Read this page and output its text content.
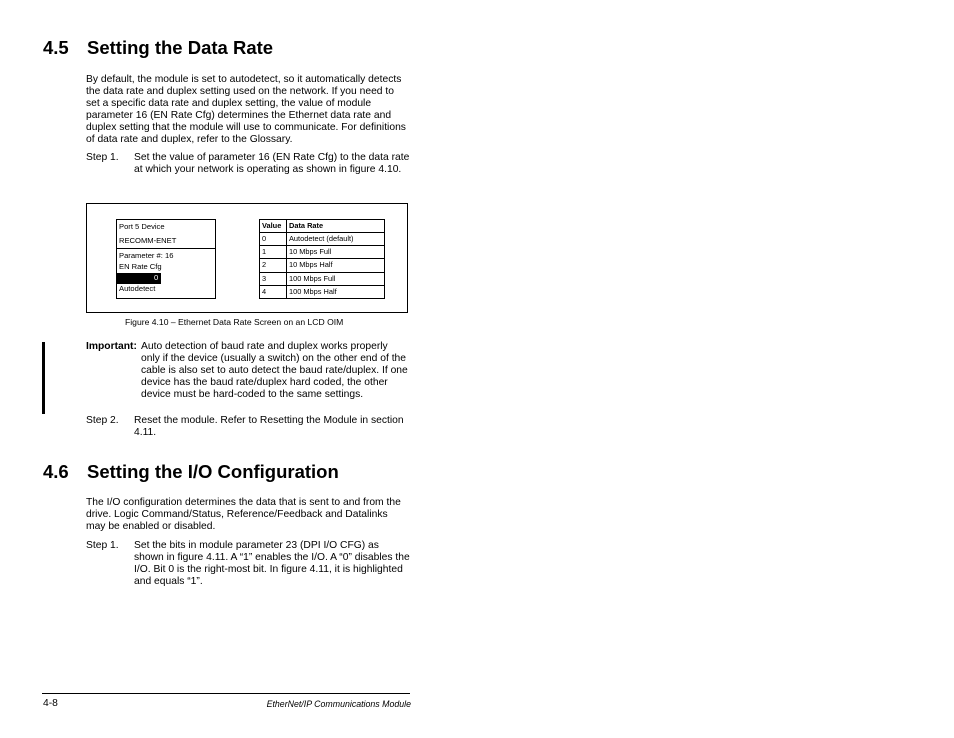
4.5 Setting the Data Rate
By default, the module is set to autodetect, so it automatically detects the data rate and duplex setting used on the network. If you need to set a specific data rate and duplex setting, the value of module parameter 16 (EN Rate Cfg) determines the Ethernet data rate and duplex setting that the module will use to communicate. For definitions of data rate and duplex, refer to the Glossary.
Step 1.	Set the value of parameter 16 (EN Rate Cfg) to the data rate at which your network is operating as shown in figure 4.10.
Port 5 Device
RECOMM-ENET
Parameter #: 16
EN Rate Cfg
0
Autodetect
Value Data Rate
0	Autodetect (default)
1	10 Mbps Full
2	10 Mbps Half
3	100 Mbps Full
4	100 Mbps Half
Figure 4.10 – Ethernet Data Rate Screen on an LCD OIM
Important: Auto detection of baud rate and duplex works properly
only if the device (usually a switch) on the other end of the cable is also set to auto detect the baud rate/duplex. If one device has the baud rate/duplex hard coded, the other device must be hard-coded to the same settings.
Step 2.	Reset the module. Refer to Resetting the Module in section 4.11.
4.6 Setting the I/O Configuration
The I/O configuration determines the data that is sent to and from the drive. Logic Command/Status, Reference/Feedback and Datalinks may be enabled or disabled.
Step 1.	Set the bits in module parameter 23 (DPI I/O CFG) as shown in figure 4.11. A “1” enables the I/O. A “0” disables the I/O. Bit 0 is the right-most bit. In figure 4.11, it is highlighted and equals “1”.
4-8	EtherNet/IP Communications Module
